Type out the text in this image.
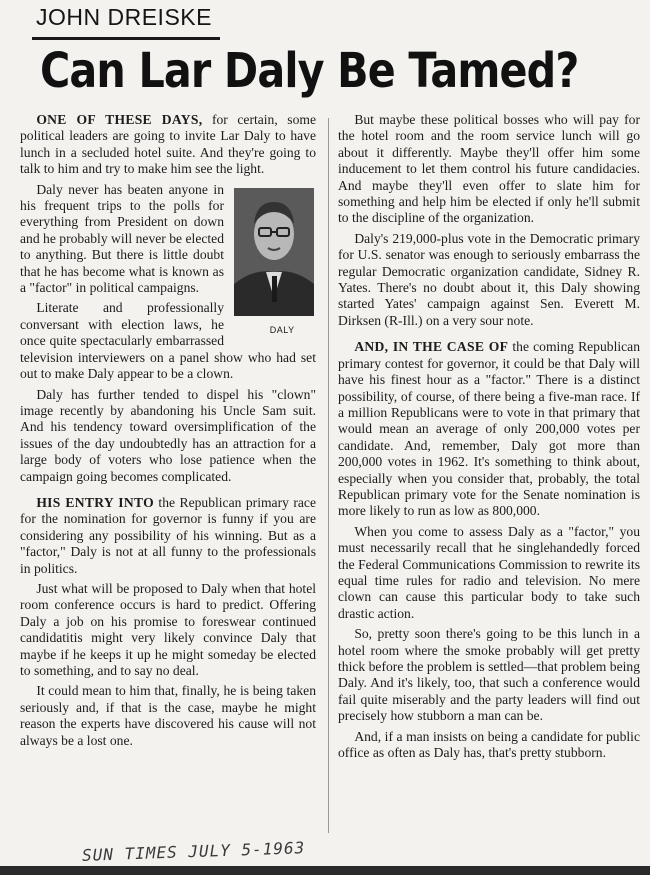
JOHN DREISKE
Can Lar Daly Be Tamed?

ONE OF THESE DAYS, for certain, some political leaders are going to invite Lar Daly to have lunch in a secluded hotel suite. And they're going to talk to him and try to make him see the light.

DALY
Daly never has beaten anyone in his frequent trips to the polls for everything from President on down and he probably will never be elected to anything. But there is little doubt that he has become what is known as a "factor" in political campaigns.

Literate and professionally conversant with election laws, he once quite spectacularly embarrassed television interviewers on a panel show who had set out to make Daly appear to be a clown.

Daly has further tended to dispel his "clown" image recently by abandoning his Uncle Sam suit. And his tendency toward oversimplification of the issues of the day undoubtedly has an attraction for a large body of voters who lose patience when the campaign going becomes complicated.

HIS ENTRY INTO the Republican primary race for the nomination for governor is funny if you are considering any possibility of his winning. But as a "factor," Daly is not at all funny to the professionals in politics.

Just what will be proposed to Daly when that hotel room conference occurs is hard to predict. Offering Daly a job on his promise to foreswear continued candidatitis might very likely convince Daly that maybe if he keeps it up he might someday be elected to something, and to say no deal.

It could mean to him that, finally, he is being taken seriously and, if that is the case, maybe he might reason the experts have discovered his cause will not always be a lost one.

But maybe these political bosses who will pay for the hotel room and the room service lunch will go about it differently. Maybe they'll offer him some inducement to let them control his future candidacies. And maybe they'll even offer to slate him for something and help him be elected if only he'll submit to the discipline of the organization.

Daly's 219,000-plus vote in the Democratic primary for U.S. senator was enough to seriously embarrass the regular Democratic organization candidate, Sidney R. Yates. There's no doubt about it, this Daly showing started Yates' campaign against Sen. Everett M. Dirksen (R-Ill.) on a very sour note.

AND, IN THE CASE OF the coming Republican primary contest for governor, it could be that Daly will have his finest hour as a "factor." There is a distinct possibility, of course, of there being a five-man race. If a million Republicans were to vote in that primary that would mean an average of only 200,000 votes per candidate. And, remember, Daly got more than 200,000 votes in 1962. It's something to think about, especially when you consider that, probably, the total Republican primary vote for the Senate nomination is more likely to run as low as 800,000.

When you come to assess Daly as a "factor," you must necessarily recall that he singlehandedly forced the Federal Communications Commission to rewrite its equal time rules for radio and television. No mere clown can cause this particular body to take such drastic action.

So, pretty soon there's going to be this lunch in a hotel room where the smoke probably will get pretty thick before the problem is settled—that problem being Daly. And it's likely, too, that such a conference would fail quite miserably and the party leaders will find out precisely how stubborn a man can be.

And, if a man insists on being a candidate for public office as often as Daly has, that's pretty stubborn.

SUN TIMES JULY 5-1963
